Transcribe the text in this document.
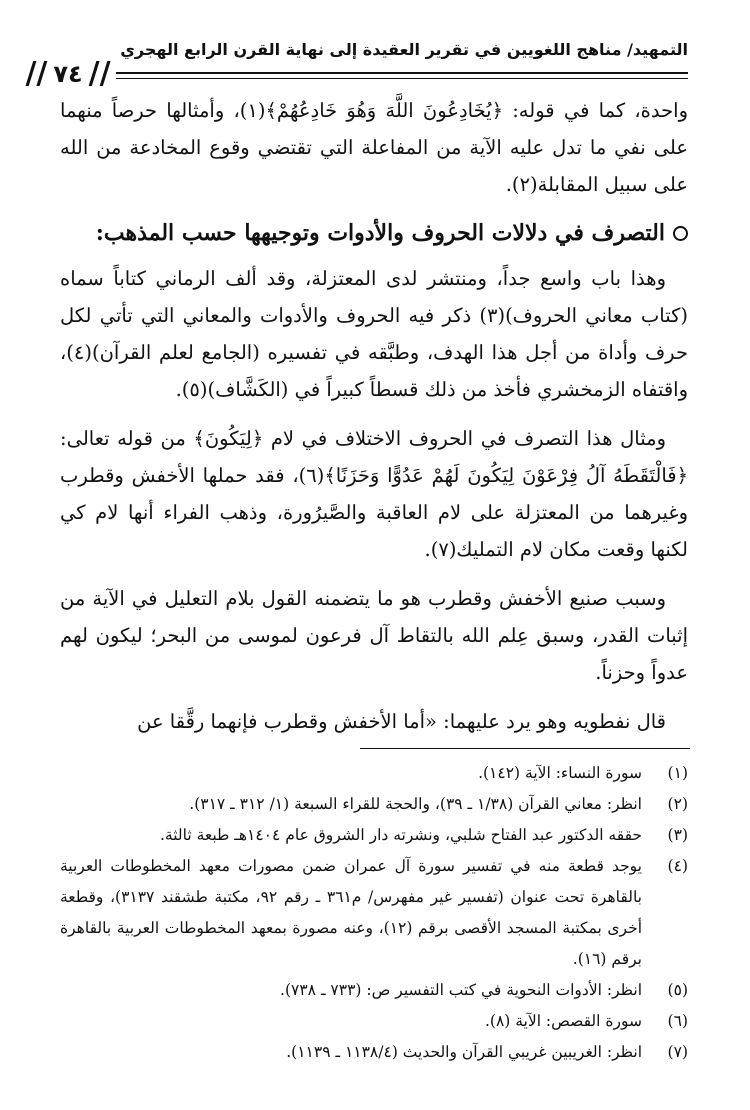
التمهيد/ مناهج اللغويين في تقرير العقيدة إلى نهاية القرن الرابع الهجري
//
٧٤
//

واحدة، كما في قوله: ﴿يُخَادِعُونَ اللَّهَ وَهُوَ خَادِعُهُمْ﴾(١)، وأمثالها حرصاً منهما على نفي ما تدل عليه الآية من المفاعلة التي تقتضي وقوع المخادعة من الله على سبيل المقابلة(٢).

التصرف في دلالات الحروف والأدوات وتوجيهها حسب المذهب:

وهذا باب واسع جداً، ومنتشر لدى المعتزلة، وقد ألف الرماني كتاباً سماه (كتاب معاني الحروف)(٣) ذكر فيه الحروف والأدوات والمعاني التي تأتي لكل حرف وأداة من أجل هذا الهدف، وطبَّقه في تفسيره (الجامع لعلم القرآن)(٤)، واقتفاه الزمخشري فأخذ من ذلك قسطاً كبيراً في (الكَشَّاف)(٥).

ومثال هذا التصرف في الحروف الاختلاف في لام ﴿لِيَكُونَ﴾ من قوله تعالى: ﴿فَالْتَقَطَهُ آلُ فِرْعَوْنَ لِيَكُونَ لَهُمْ عَدُوًّا وَحَزَنًا﴾(٦)، فقد حملها الأخفش وقطرب وغيرهما من المعتزلة على لام العاقبة والصَّيرُورة، وذهب الفراء أنها لام كي لكنها وقعت مكان لام التمليك(٧).

وسبب صنيع الأخفش وقطرب هو ما يتضمنه القول بلام التعليل في الآية من إثبات القدر، وسبق عِلم الله بالتقاط آل فرعون لموسى من البحر؛ ليكون لهم عدواً وحزناً.

قال نفطويه وهو يرد عليهما: «أما الأخفش وقطرب فإنهما رقَّقا عن

(١)
سورة النساء: الآية (١٤٢).
(٢)
انظر: معاني القرآن (١/٣٨ ـ ٣٩)، والحجة للقراء السبعة (١/ ٣١٢ ـ ٣١٧).
(٣)
حققه الدكتور عبد الفتاح شلبي، ونشرته دار الشروق عام ١٤٠٤هـ طبعة ثالثة.
(٤)
يوجد قطعة منه في تفسير سورة آل عمران ضمن مصورات معهد المخطوطات العربية بالقاهرة تحت عنوان (تفسير غير مفهرس/ م٣٦١ ـ رقم ٩٢، مكتبة طشقند ٣١٣٧)، وقطعة أخرى بمكتبة المسجد الأقصى برقم (١٢)، وعنه مصورة بمعهد المخطوطات العربية بالقاهرة برقم (١٦).
(٥)
انظر: الأدوات النحوية في كتب التفسير ص: (٧٣٣ ـ ٧٣٨).
(٦)
سورة القصص: الآية (٨).
(٧)
انظر: الغريبين غريبي القرآن والحديث (١١٣٨/٤ ـ ١١٣٩).
